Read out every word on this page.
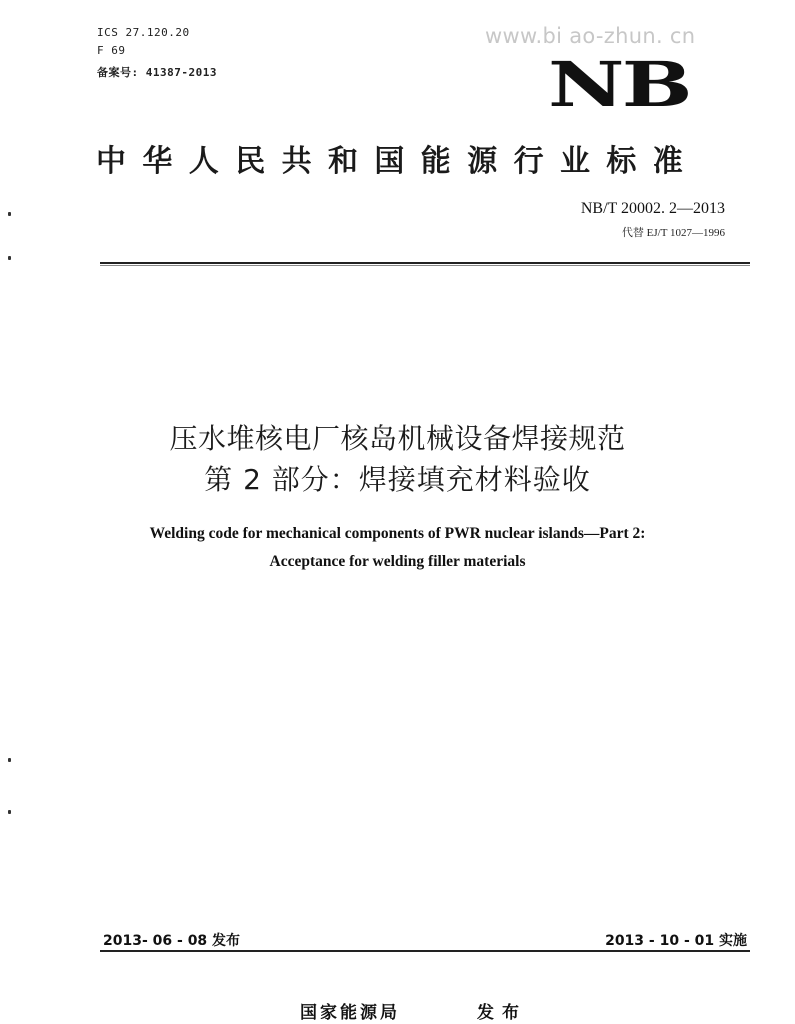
ICS 27.120.20
F 69
备案号: 41387-2013
www.bi ao-zhun. cn
NB
中华人民共和国能源行业标准
NB/T 20002. 2—2013
代替 EJ/T 1027—1996
压水堆核电厂核岛机械设备焊接规范
第 2 部分：焊接填充材料验收
Welding code for mechanical components of PWR nuclear islands—Part 2:
Acceptance for welding filler materials
2013- 06 - 08 发布	2013 - 10 - 01 实施
国家能源局	发布
